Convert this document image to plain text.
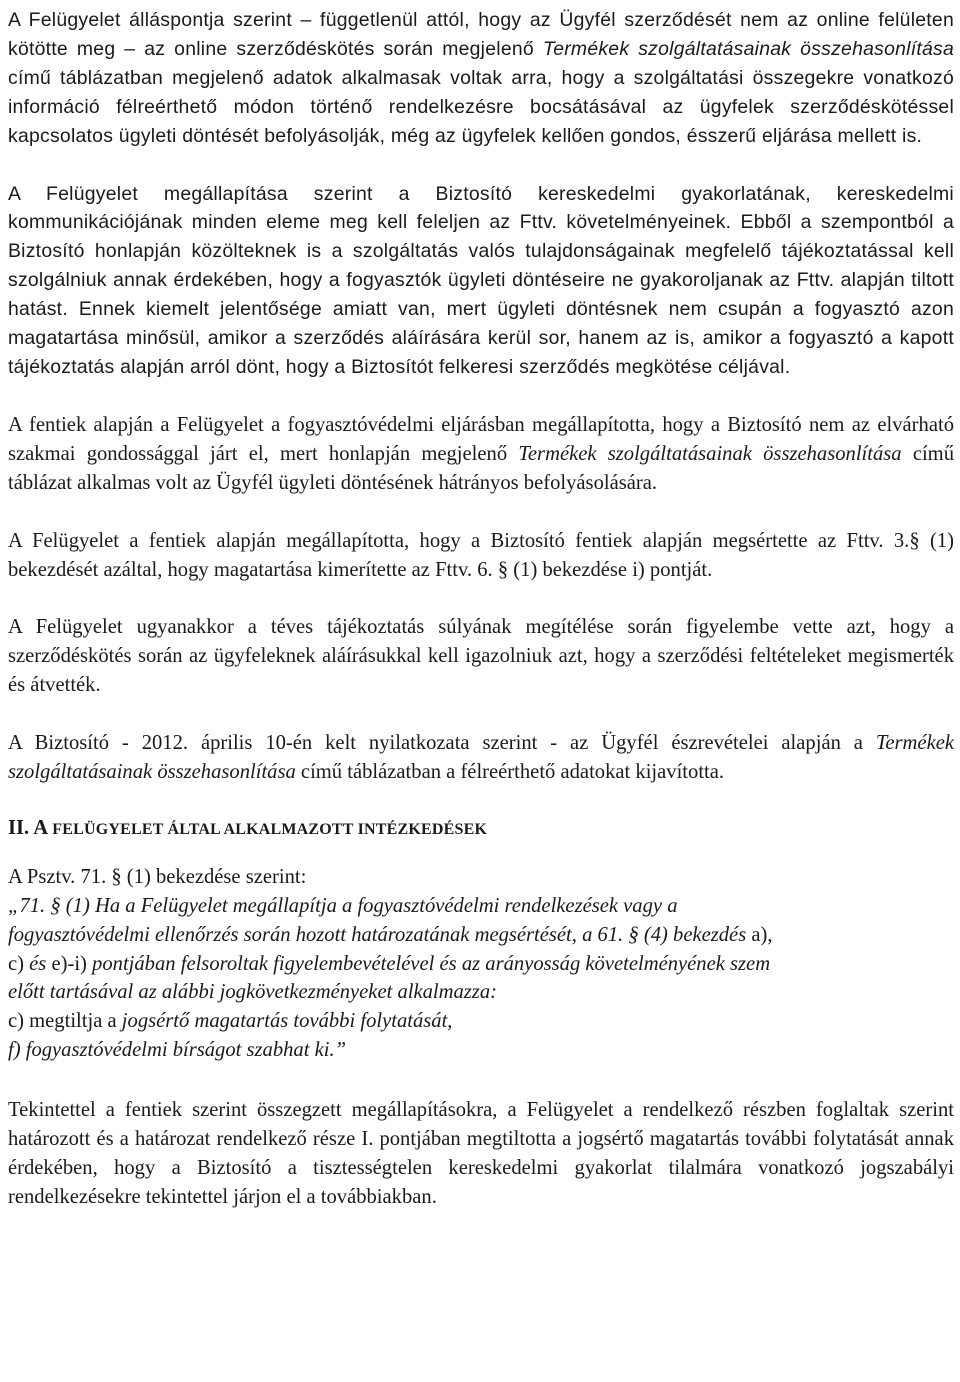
A Felügyelet álláspontja szerint – függetlenül attól, hogy az Ügyfél szerződését nem az online felületen kötötte meg – az online szerződéskötés során megjelenő Termékek szolgáltatásainak összehasonlítása című táblázatban megjelenő adatok alkalmasak voltak arra, hogy a szolgáltatási összegekre vonatkozó információ félreérthető módon történő rendelkezésre bocsátásával az ügyfelek szerződéskötéssel kapcsolatos ügyleti döntését befolyásolják, még az ügyfelek kellően gondos, ésszerű eljárása mellett is.

A Felügyelet megállapítása szerint a Biztosító kereskedelmi gyakorlatának, kereskedelmi kommunikációjának minden eleme meg kell feleljen az Fttv. követelményeinek. Ebből a szempontból a Biztosító honlapján közölteknek is a szolgáltatás valós tulajdonságainak megfelelő tájékoztatással kell szolgálniuk annak érdekében, hogy a fogyasztók ügyleti döntéseire ne gyakoroljanak az Fttv. alapján tiltott hatást. Ennek kiemelt jelentősége amiatt van, mert ügyleti döntésnek nem csupán a fogyasztó azon magatartása minősül, amikor a szerződés aláírására kerül sor, hanem az is, amikor a fogyasztó a kapott tájékoztatás alapján arról dönt, hogy a Biztosítót felkeresi szerződés megkötése céljával.

A fentiek alapján a Felügyelet a fogyasztóvédelmi eljárásban megállapította, hogy a Biztosító nem az elvárható szakmai gondossággal járt el, mert honlapján megjelenő Termékek szolgáltatásainak összehasonlítása című táblázat alkalmas volt az Ügyfél ügyleti döntésének hátrányos befolyásolására.

A Felügyelet a fentiek alapján megállapította, hogy a Biztosító fentiek alapján megsértette az Fttv. 3.§ (1) bekezdését azáltal, hogy magatartása kimerítette az Fttv. 6. § (1) bekezdése i) pontját.

A Felügyelet ugyanakkor a téves tájékoztatás súlyának megítélése során figyelembe vette azt, hogy a szerződéskötés során az ügyfeleknek aláírásukkal kell igazolniuk azt, hogy a szerződési feltételeket megismerték és átvették.

A Biztosító - 2012. április 10-én kelt nyilatkozata szerint - az Ügyfél észrevételei alapján a Termékek szolgáltatásainak összehasonlítása című táblázatban a félreérthető adatokat kijavította.

II. A FELÜGYELET ÁLTAL ALKALMAZOTT INTÉZKEDÉSEK

A Psztv. 71. § (1) bekezdése szerint:

„71. § (1) Ha a Felügyelet megállapítja a fogyasztóvédelmi rendelkezések vagy a
fogyasztóvédelmi ellenőrzés során hozott határozatának megsértését, a 61. § (4) bekezdés a),
c) és e)-i) pontjában felsoroltak figyelembevételével és az arányosság követelményének szem
előtt tartásával az alábbi jogkövetkezményeket alkalmazza:
c) megtiltja a jogsértő magatartás további folytatását,
f) fogyasztóvédelmi bírságot szabhat ki.”

Tekintettel a fentiek szerint összegzett megállapításokra, a Felügyelet a rendelkező részben foglaltak szerint határozott és a határozat rendelkező része I. pontjában megtiltotta a jogsértő magatartás további folytatását annak érdekében, hogy a Biztosító a tisztességtelen kereskedelmi gyakorlat tilalmára vonatkozó jogszabályi rendelkezésekre tekintettel járjon el a továbbiakban.
